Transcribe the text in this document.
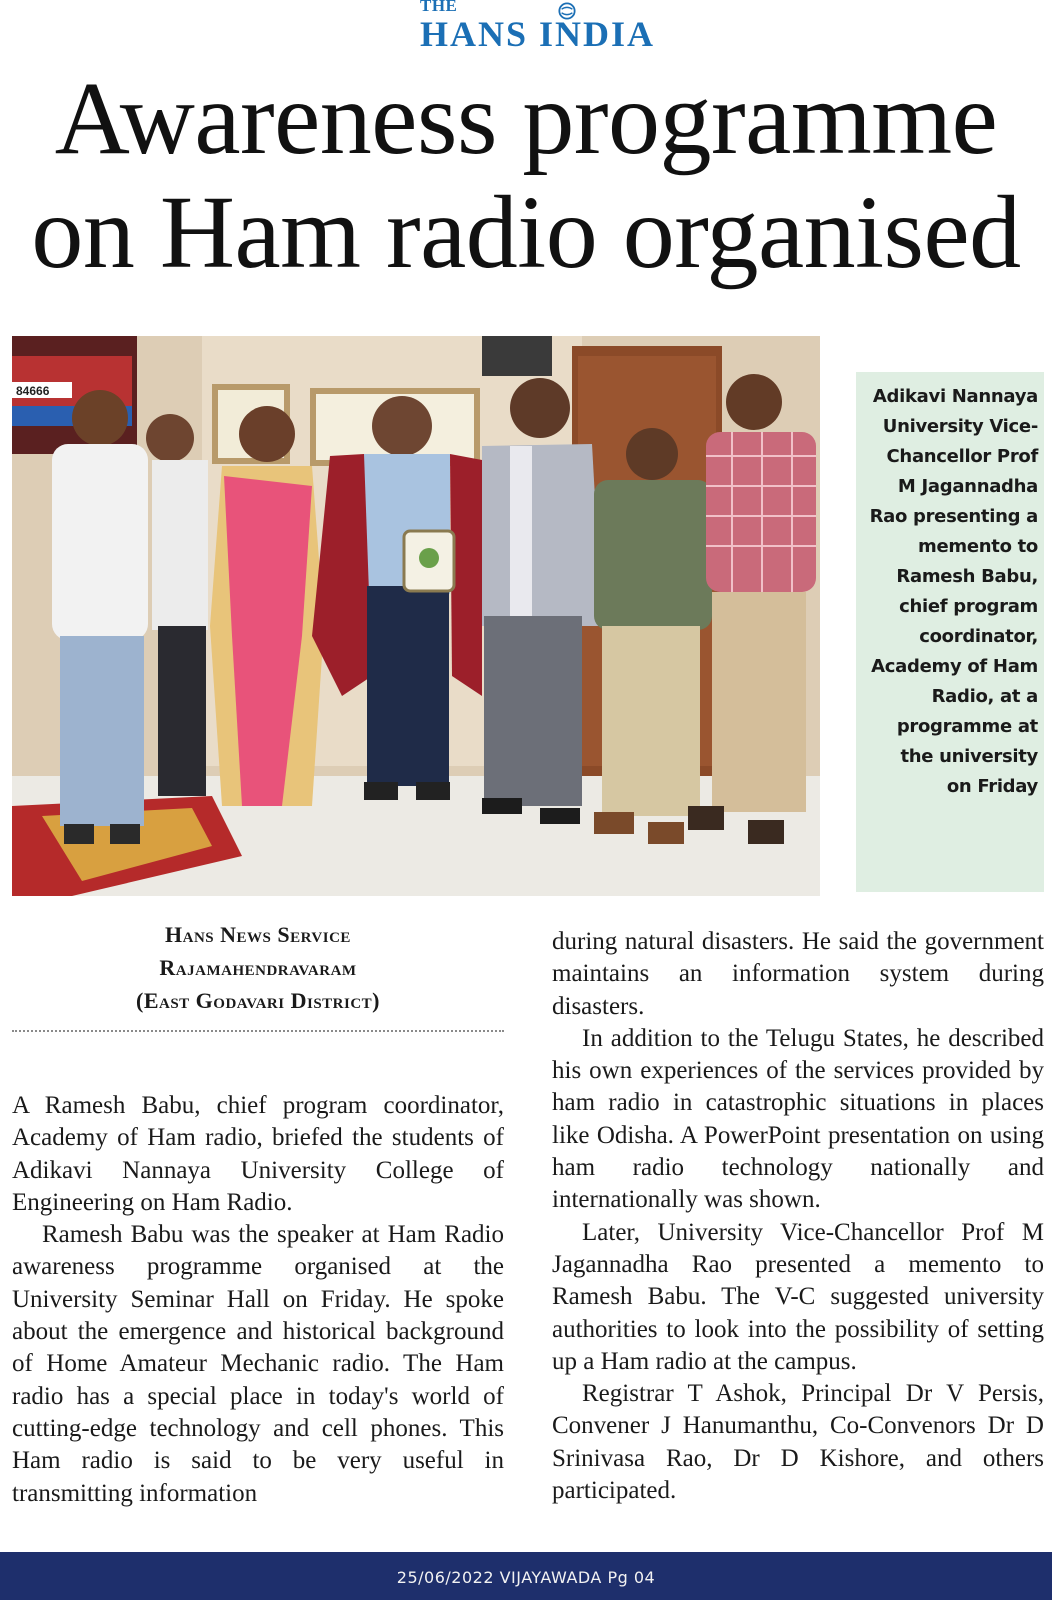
THE
HANS INDIA
Awareness programme
on Ham radio organised
84666	Adikavi Nannaya
University Vice-
Chancellor Prof
M Jagannadha
Rao presenting a
memento to
Ramesh Babu,
chief program
coordinator,
Academy of Ham
Radio, at a
programme at
the university
on Friday
Hans News Service
Rajamahendravaram
(East Godavari District)

A Ramesh Babu, chief program coordinator, Academy of Ham radio, briefed the students of Adikavi Nannaya University College of Engineering on Ham Radio.

Ramesh Babu was the speaker at Ham Radio awareness programme organised at the University Seminar Hall on Friday. He spoke about the emergence and historical background of Home Amateur Mechanic radio. The Ham radio has a special place in today's world of cutting-edge technology and cell phones. This Ham radio is said to be very useful in transmitting information

during natural disasters. He said the government maintains an information system during disasters.

In addition to the Telugu States, he described his own experiences of the services provided by ham radio in catastrophic situations in places like Odisha. A PowerPoint presentation on using ham radio technology nationally and internationally was shown.

Later, University Vice-Chancellor Prof M Jagannadha Rao presented a memento to Ramesh Babu. The V-C suggested university authorities to look into the possibility of setting up a Ham radio at the campus.

Registrar T Ashok, Principal Dr V Persis, Convener J Hanumanthu, Co-Convenors Dr D Srinivasa Rao, Dr D Kishore, and others participated.

25/06/2022 VIJAYAWADA Pg 04
